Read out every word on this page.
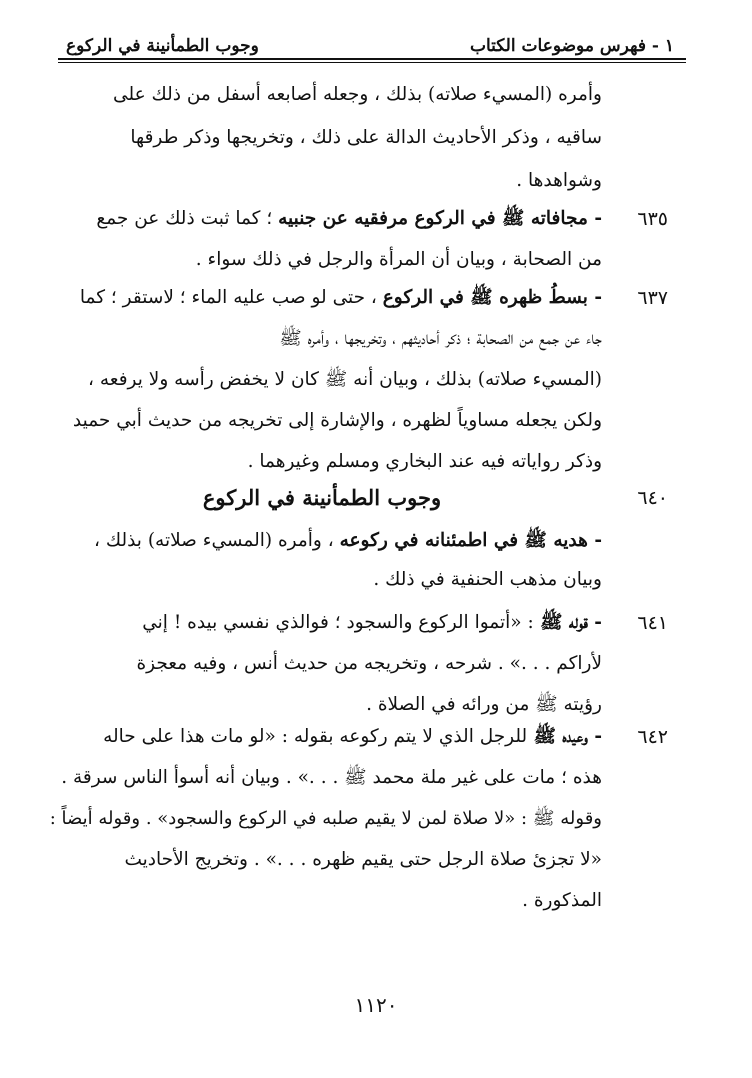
١ - فهرس موضوعات الكتاب
وجوب الطمأنينة في الركوع
وأمره (المسيء صلاته) بذلك ، وجعله أصابعه أسفل من ذلك على
ساقيه ، وذكر الأحاديث الدالة على ذلك ، وتخريجها وذكر طرقها
وشواهدها .
٦٣٥
- مجافاته ﷺ في الركوع مرفقيه عن جنبيه ؛ كما ثبت ذلك عن جمع
من الصحابة ، وبيان أن المرأة والرجل في ذلك سواء .
٦٣٧
- بسطُ ظهره ﷺ في الركوع ، حتى لو صب عليه الماء ؛ لاستقر ؛ كما
جاء عن جمع من الصحابة ؛ ذكر أحاديثهم ، وتخريجها ، وأمره ﷺ
(المسيء صلاته) بذلك ، وبيان أنه ﷺ كان لا يخفض رأسه ولا يرفعه ،
ولكن يجعله مساوياً لظهره ، والإشارة إلى تخريجه من حديث أبي حميد
وذكر رواياته فيه عند البخاري ومسلم وغيرهما .
وجوب الطمأنينة في الركوع	٦٤٠
- هديه ﷺ في اطمئنانه في ركوعه ، وأمره (المسيء صلاته) بذلك ،
وبيان مذهب الحنفية في ذلك .
٦٤١
- قوله ﷺ : «أتموا الركوع والسجود ؛ فوالذي نفسي بيده ! إني
لأراكم . . .» . شرحه ، وتخريجه من حديث أنس ، وفيه معجزة
رؤيته ﷺ من ورائه في الصلاة .
٦٤٢
- وعيده ﷺ للرجل الذي لا يتم ركوعه بقوله : «لو مات هذا على حاله
هذه ؛ مات على غير ملة محمد ﷺ . . .» . وبيان أنه أسوأ الناس سرقة .
وقوله ﷺ : «لا صلاة لمن لا يقيم صلبه في الركوع والسجود» . وقوله أيضاً :
«لا تجزئ صلاة الرجل حتى يقيم ظهره . . .» . وتخريج الأحاديث
المذكورة .
١١٢٠
